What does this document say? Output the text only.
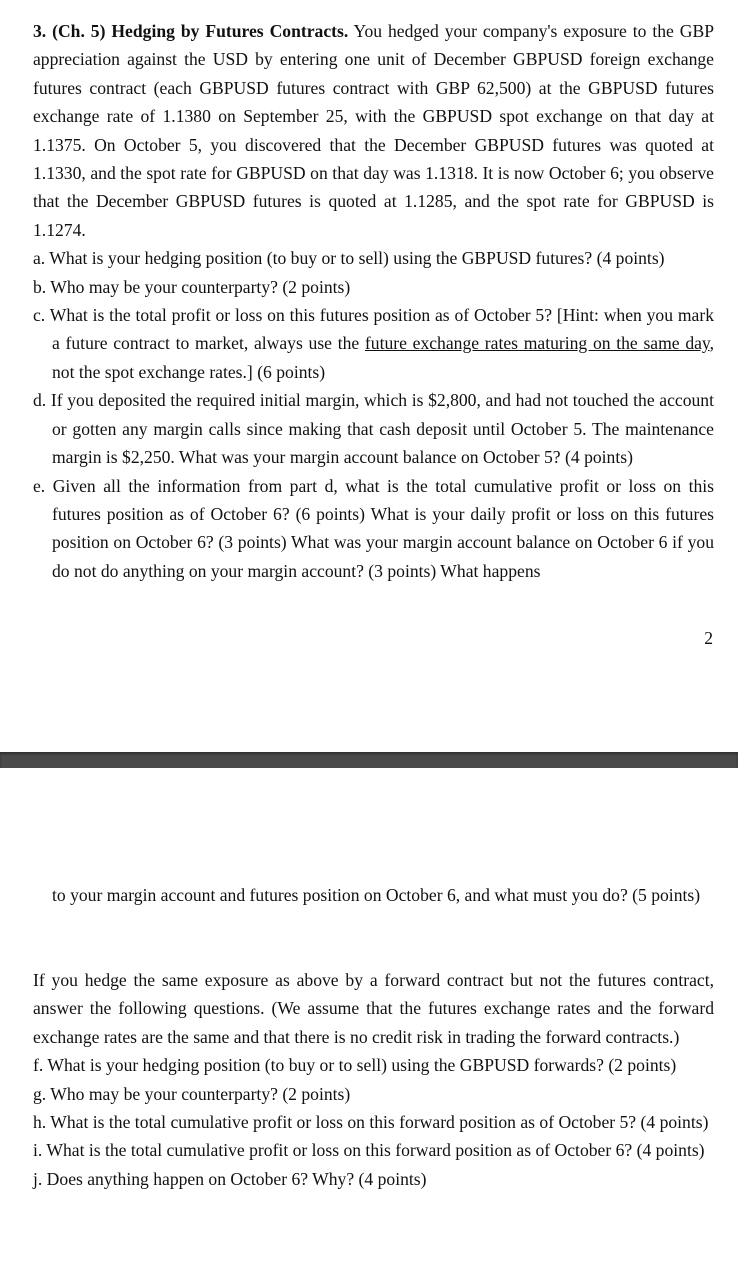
3. (Ch. 5) Hedging by Futures Contracts. You hedged your company's exposure to the GBP appreciation against the USD by entering one unit of December GBPUSD foreign exchange futures contract (each GBPUSD futures contract with GBP 62,500) at the GBPUSD futures exchange rate of 1.1380 on September 25, with the GBPUSD spot exchange on that day at 1.1375. On October 5, you discovered that the December GBPUSD futures was quoted at 1.1330, and the spot rate for GBPUSD on that day was 1.1318. It is now October 6; you observe that the December GBPUSD futures is quoted at 1.1285, and the spot rate for GBPUSD is 1.1274.

a. What is your hedging position (to buy or to sell) using the GBPUSD futures? (4 points)

b. Who may be your counterparty? (2 points)

c. What is the total profit or loss on this futures position as of October 5? [Hint: when you mark a future contract to market, always use the future exchange rates maturing on the same day, not the spot exchange rates.] (6 points)

d. If you deposited the required initial margin, which is $2,800, and had not touched the account or gotten any margin calls since making that cash deposit until October 5. The maintenance margin is $2,250. What was your margin account balance on October 5? (4 points)

e. Given all the information from part d, what is the total cumulative profit or loss on this futures position as of October 6? (6 points) What is your daily profit or loss on this futures position on October 6? (3 points) What was your margin account balance on October 6 if you do not do anything on your margin account? (3 points) What happens

2

to your margin account and futures position on October 6, and what must you do? (5 points)

If you hedge the same exposure as above by a forward contract but not the futures contract, answer the following questions. (We assume that the futures exchange rates and the forward exchange rates are the same and that there is no credit risk in trading the forward contracts.)

f. What is your hedging position (to buy or to sell) using the GBPUSD forwards? (2 points)

g. Who may be your counterparty? (2 points)

h. What is the total cumulative profit or loss on this forward position as of October 5? (4 points)

i. What is the total cumulative profit or loss on this forward position as of October 6? (4 points)

j. Does anything happen on October 6? Why? (4 points)
